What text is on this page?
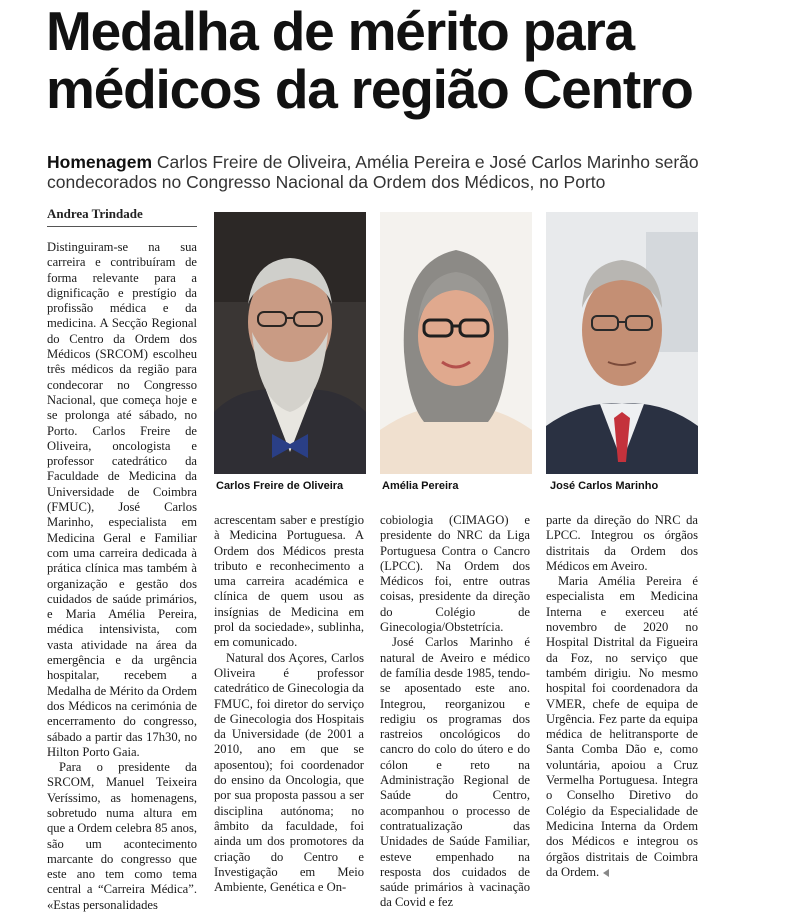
Medalha de mérito para médicos da região Centro

Homenagem Carlos Freire de Oliveira, Amélia Pereira e José Carlos Marinho serão condecorados no Congresso Nacional da Ordem dos Médicos, no Porto

Andrea Trindade

Distinguiram-se na sua carreira e contribuíram de forma relevante para a dignificação e prestígio da profissão médica e da medicina. A Secção Regional do Centro da Ordem dos Médicos (SRCOM) escolheu três médicos da região para condecorar no Congresso Nacional, que começa hoje e se prolonga até sábado, no Porto. Carlos Freire de Oliveira, oncologista e professor catedrático da Faculdade de Medicina da Universidade de Coimbra (FMUC), José Carlos Marinho, especialista em Medicina Geral e Familiar com uma carreira dedicada à prática clínica mas também à organização e gestão dos cuidados de saúde primários, e Maria Amélia Pereira, médica intensivista, com vasta atividade na área da emergência e da urgência hospitalar, recebem a Medalha de Mérito da Ordem dos Médicos na cerimónia de encerramento do congresso, sábado a partir das 17h30, no Hilton Porto Gaia.

Para o presidente da SRCOM, Manuel Teixeira Veríssimo, as homenagens, sobretudo numa altura em que a Ordem celebra 85 anos, são um acontecimento marcante do congresso que este ano tem como tema central a “Carreira Médica”. «Estas personalidades

Carlos Freire de Oliveira	Amélia Pereira	José Carlos Marinho

acrescentam saber e prestígio à Medicina Portuguesa. A Ordem dos Médicos presta tributo e reconhecimento a uma carreira académica e clínica de quem usou as insígnias de Medicina em prol da sociedade», sublinha, em comunicado.

Natural dos Açores, Carlos Oliveira é professor catedrático de Ginecologia da FMUC, foi diretor do serviço de Ginecologia dos Hospitais da Universidade (de 2001 a 2010, ano em que se aposentou); foi coordenador do ensino da Oncologia, que por sua proposta passou a ser disciplina autónoma; no âmbito da faculdade, foi ainda um dos promotores da criação do Centro e Investigação em Meio Ambiente, Genética e On-

cobiologia (CIMAGO) e presidente do NRC da Liga Portuguesa Contra o Cancro (LPCC). Na Ordem dos Médicos foi, entre outras coisas, presidente da direção do Colégio de Ginecologia/Obstetrícia.

José Carlos Marinho é natural de Aveiro e médico de família desde 1985, tendo-se aposentado este ano. Integrou, reorganizou e redigiu os programas dos rastreios oncológicos do cancro do colo do útero e do cólon e reto na Administração Regional de Saúde do Centro, acompanhou o processo de contratualização das Unidades de Saúde Familiar, esteve empenhado na resposta dos cuidados de saúde primários à vacinação da Covid e fez

parte da direção do NRC da LPCC. Integrou os órgãos distritais da Ordem dos Médicos em Aveiro.

Maria Amélia Pereira é especialista em Medicina Interna e exerceu até novembro de 2020 no Hospital Distrital da Figueira da Foz, no serviço que também dirigiu. No mesmo hospital foi coordenadora da VMER, chefe de equipa de Urgência. Fez parte da equipa médica de helitransporte de Santa Comba Dão e, como voluntária, apoiou a Cruz Vermelha Portuguesa. Integra o Conselho Diretivo do Colégio da Especialidade de Medicina Interna da Ordem dos Médicos e integrou os órgãos distritais de Coimbra da Ordem.
